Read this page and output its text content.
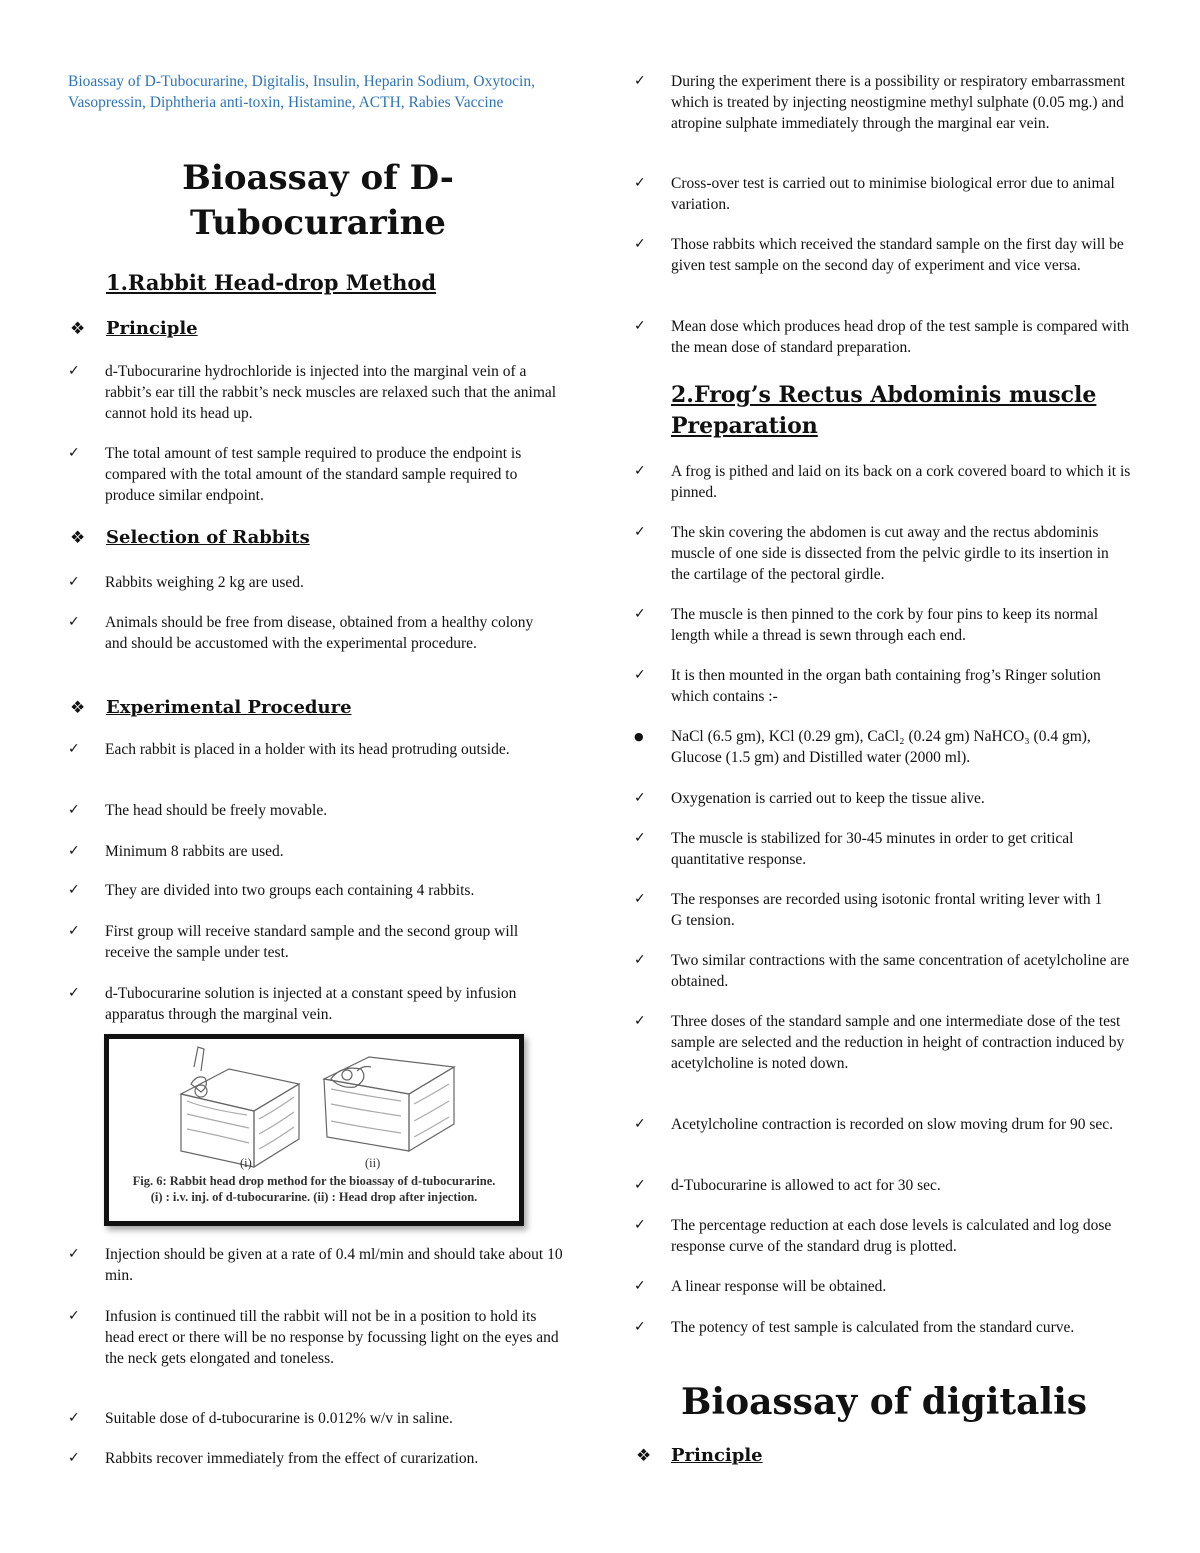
Bioassay of D-Tubocurarine, Digitalis, Insulin, Heparin Sodium, Oxytocin, Vasopressin, Diphtheria anti-toxin, Histamine, ACTH, Rabies Vaccine
Bioassay of D-
Tubocurarine
1.Rabbit Head-drop Method
❖ Principle
✓	d-Tubocurarine hydrochloride is injected into the marginal vein of a rabbit’s ear till the rabbit’s neck muscles are relaxed such that the animal cannot hold its head up.
✓	The total amount of test sample required to produce the endpoint is compared with the total amount of the standard sample required to produce similar endpoint.
❖ Selection of Rabbits
✓	Rabbits weighing 2 kg are used.
✓	Animals should be free from disease, obtained from a healthy colony and should be accustomed with the experimental procedure.
❖ Experimental Procedure
✓	Each rabbit is placed in a holder with its head protruding outside.
✓	The head should be freely movable.
✓	Minimum 8 rabbits are used.
✓	They are divided into two groups each containing 4 rabbits.
✓	First group will receive standard sample and the second group will receive the sample under test.
✓	d-Tubocurarine solution is injected at a constant speed by infusion apparatus through the marginal vein.
(i)	(ii)
Fig. 6: Rabbit head drop method for the bioassay of d-tubocurarine.
(i) : i.v. inj. of d-tubocurarine. (ii) : Head drop after injection.
✓	Injection should be given at a rate of 0.4 ml/min and should take about 10 min.
✓	Infusion is continued till the rabbit will not be in a position to hold its head erect or there will be no response by focussing light on the eyes and the neck gets elongated and toneless.
✓	Suitable dose of d-tubocurarine is 0.012% w/v in saline.
✓	Rabbits recover immediately from the effect of curarization.
✓	During the experiment there is a possibility or respiratory embarrassment which is treated by injecting neostigmine methyl sulphate (0.05 mg.) and atropine sulphate immediately through the marginal ear vein.
✓	Cross-over test is carried out to minimise biological error due to animal variation.
✓	Those rabbits which received the standard sample on the first day will be given test sample on the second day of experiment and vice versa.
✓	Mean dose which produces head drop of the test sample is compared with the mean dose of standard preparation.
2.Frog’s Rectus Abdominis muscle
Preparation
✓	A frog is pithed and laid on its back on a cork covered board to which it is pinned.
✓	The skin covering the abdomen is cut away and the rectus abdominis muscle of one side is dissected from the pelvic girdle to its insertion in the cartilage of the pectoral girdle.
✓	The muscle is then pinned to the cork by four pins to keep its normal length while a thread is sewn through each end.
✓	It is then mounted in the organ bath containing frog’s Ringer solution which contains :-
●	NaCl (6.5 gm), KCl (0.29 gm), CaCl₂ (0.24 gm) NaHCO₃ (0.4 gm), Glucose (1.5 gm) and Distilled water (2000 ml).
✓	Oxygenation is carried out to keep the tissue alive.
✓	The muscle is stabilized for 30-45 minutes in order to get critical quantitative response.
✓	The responses are recorded using isotonic frontal writing lever with 1 G tension.
✓	Two similar contractions with the same concentration of acetylcholine are obtained.
✓	Three doses of the standard sample and one intermediate dose of the test sample are selected and the reduction in height of contraction induced by acetylcholine is noted down.
✓	Acetylcholine contraction is recorded on slow moving drum for 90 sec.
✓	d-Tubocurarine is allowed to act for 30 sec.
✓	The percentage reduction at each dose levels is calculated and log dose response curve of the standard drug is plotted.
✓	A linear response will be obtained.
✓	The potency of test sample is calculated from the standard curve.
Bioassay of digitalis
❖ Principle
